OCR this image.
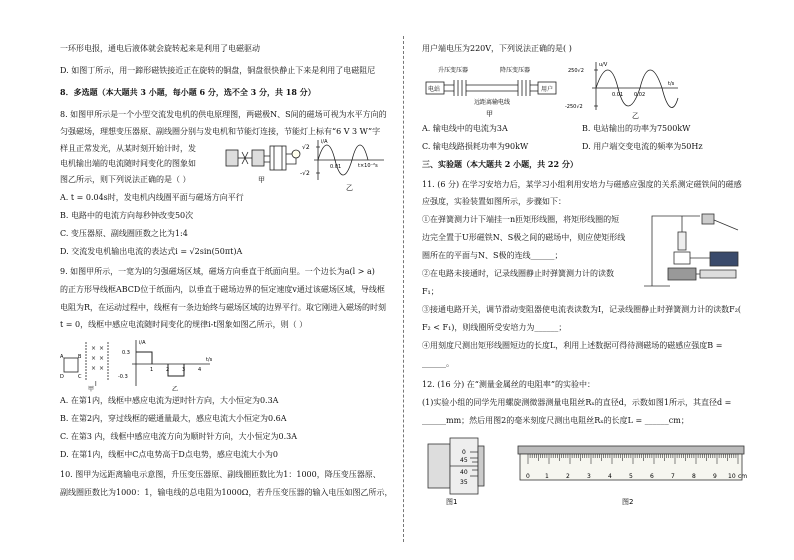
一环形电报，通电后液体就会旋转起来是利用了电磁驱动
D. 如图丁所示，用一蹄形磁铁接近正在旋转的铜盘，铜盘很快静止下来是利用了电磁阻尼
8．多选题（本大题共 3 小题，每小题 6 分，选不全 3 分，共 18 分）
8. 如图甲所示是一个小型交流发电机的供电原理图，两磁极N、S间的磁场可视为水平方向的
匀强磁场，理想变压器原、副线圈分别与发电机和节能灯连接，节能灯上标有“6 V 3 W”字
样且正常发光，从某时刻开始计时，发
电机输出端的电流随时间变化的图象如
图乙所示，则下列说法正确的是（ ）	甲
√2
-√2
i/A
0.01	t×10⁻²s
乙
A. t = 0.04s时，发电机内线圈平面与磁场方向平行
B. 电路中的电流方向每秒钟改变50次
C. 变压器原、副线圈匝数之比为1:4
D. 交流发电机输出电流的表达式i = √2sin(50πt)A
9. 如图甲所示，一宽为l的匀强磁场区域，磁场方向垂直于纸面向里。一个边长为a(l > a)
的正方形导线框ABCD位于纸面内，以垂直于磁场边界的恒定速度v通过该磁场区域，导线框
电阻为R，在运动过程中，线框有一条边始终与磁场区域的边界平行。取它刚进入磁场的时刻
t = 0，线框中感应电流随时间变化的规律i-t图象如图乙所示，则（ ）
× ×
× ×
× ×
A	B
C
D
l
甲
i/A
0.3
-0.3
1	2	3	4
t/s
乙
A. 在第1内，线框中感应电流为逆时针方向，大小恒定为0.3A
B. 在第2内，穿过线框的磁通量最大，感应电流大小恒定为0.6A
C. 在第3 内，线框中感应电流方向为顺时针方向，大小恒定为0.3A
D. 在第1内，线框中C点电势高于D点电势，感应电流大小为0
10. 图甲为远距离输电示意图，升压变压器原、副线圈匝数比为1：1000，降压变压器原、
副线圈匝数比为1000：1，输电线的总电阻为1000Ω，若升压变压器的输入电压如图乙所示，
用户端电压为220V，下列说法正确的是( )
升压变压器	降压变压器
电站	用户
远距离输电线
甲
u/V
250√2
-250√2
0.01 0.02
t/s
乙
A. 输电线中的电流为3A	B. 电站输出的功率为7500kW
C. 输电线路损耗功率为90kW	D. 用户端交变电流的频率为50Hz
三、实验题（本大题共 2 小题，共 22 分）
11. (6 分) 在学习安培力后，某学习小组利用安培力与磁感应强度的关系测定磁铁间的磁感
应强度，实验装置如图所示，步骤如下：
①在弹簧测力计下端挂一n匝矩形线圈，将矩形线圈的短
边完全置于U形磁铁N、S极之间的磁场中，则应使矩形线
圈所在的平面与N、S极的连线______；
②在电路未接通时，记录线圈静止时弹簧测力计的读数
F₁；
③接通电路开关，调节滑动变阻器使电流表读数为I，记录线圈静止时弹簧测力计的读数F₂(
F₂ < F₁)，则线圈所受安培力为______；
④用刻度尺测出矩形线圈短边的长度L，利用上述数据可得待测磁场的磁感应强度B =
______。
12. (16 分) 在“测量金属丝的电阻率”的实验中：
(1)实验小组的同学先用螺旋测微器测量电阻丝Rₓ的直径d，示数如图1所示，其直径d =
______mm；然后用图2的毫米刻度尺测出电阻丝Rₓ的长度L = ______cm；
0
45
40
35
图1
0	1	2	3	4	5	6	7	8	9 10 cm
图2
